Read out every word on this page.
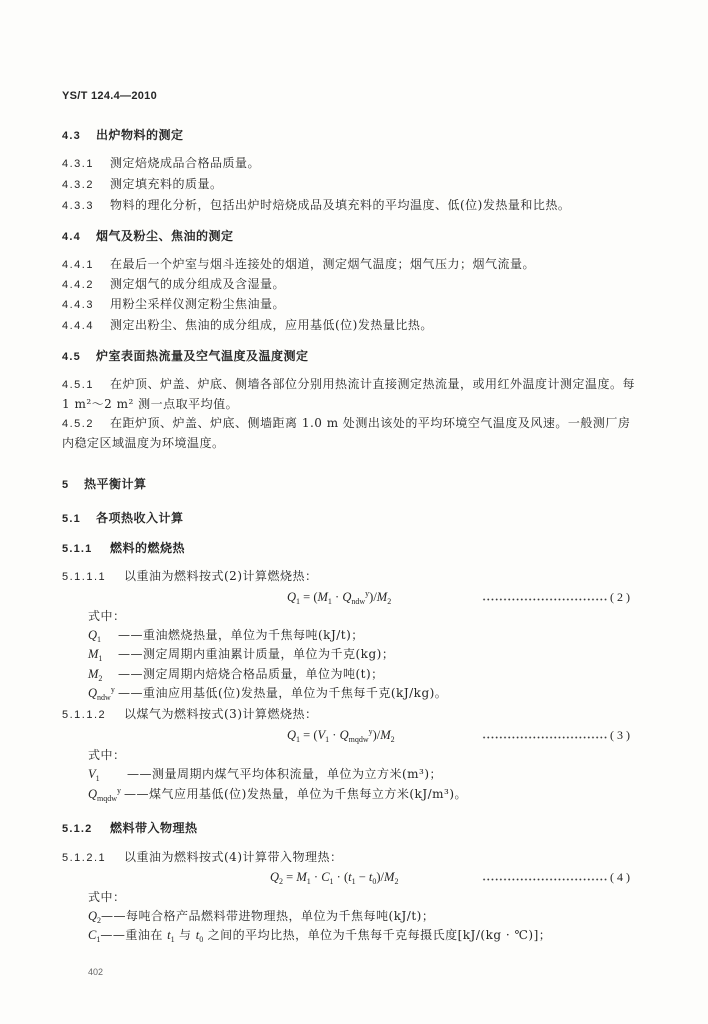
YS/T 124.4—2010
4.3 出炉物料的测定
4.3.1 测定焙烧成品合格品质量。
4.3.2 测定填充料的质量。
4.3.3 物料的理化分析，包括出炉时焙烧成品及填充料的平均温度、低(位)发热量和比热。
4.4 烟气及粉尘、焦油的测定
4.4.1 在最后一个炉室与烟斗连接处的烟道，测定烟气温度；烟气压力；烟气流量。
4.4.2 测定烟气的成分组成及含湿量。
4.4.3 用粉尘采样仪测定粉尘焦油量。
4.4.4 测定出粉尘、焦油的成分组成，应用基低(位)发热量比热。
4.5 炉室表面热流量及空气温度及温度测定
4.5.1 在炉顶、炉盖、炉底、侧墙各部位分别用热流计直接测定热流量，或用红外温度计测定温度。每
1 m²～2 m² 测一点取平均值。
4.5.2 在距炉顶、炉盖、炉底、侧墙距离 1.0 m 处测出该处的平均环境空气温度及风速。一般测厂房
内稳定区域温度为环境温度。
5 热平衡计算
5.1 各项热收入计算
5.1.1 燃料的燃烧热
5.1.1.1 以重油为燃料按式(2)计算燃烧热：
$Q_1 = (M_1 \cdot Q_{ndw}^y)/M_2$	( 2 )
式中：
$Q_1$ ——重油燃烧热量，单位为千焦每吨(kJ/t)；
$M_1$ ——测定周期内重油累计质量，单位为千克(kg)；
$M_2$ ——测定周期内焙烧合格品质量，单位为吨(t)；
$Q_{ndw}^y$ ——重油应用基低(位)发热量，单位为千焦每千克(kJ/kg)。
5.1.1.2 以煤气为燃料按式(3)计算燃烧热：
$Q_1 = (V_1 \cdot Q_{mqdw}^y)/M_2$	( 3 )
式中：
$V_1$ ——测量周期内煤气平均体积流量，单位为立方米(m³)；
$Q_{mqdw}^y$ ——煤气应用基低(位)发热量，单位为千焦每立方米(kJ/m³)。
5.1.2 燃料带入物理热
5.1.2.1 以重油为燃料按式(4)计算带入物理热：
$Q_2 = M_1 \cdot C_1 \cdot (t_1 - t_0)/M_2$	( 4 )
式中：
$Q_2——$每吨合格产品燃料带进物理热，单位为千焦每吨(kJ/t)；
$C_1——$重油在 $t_1$ 与 $t_0$ 之间的平均比热，单位为千焦每千克每摄氏度[kJ/(kg · ℃)]；
402
